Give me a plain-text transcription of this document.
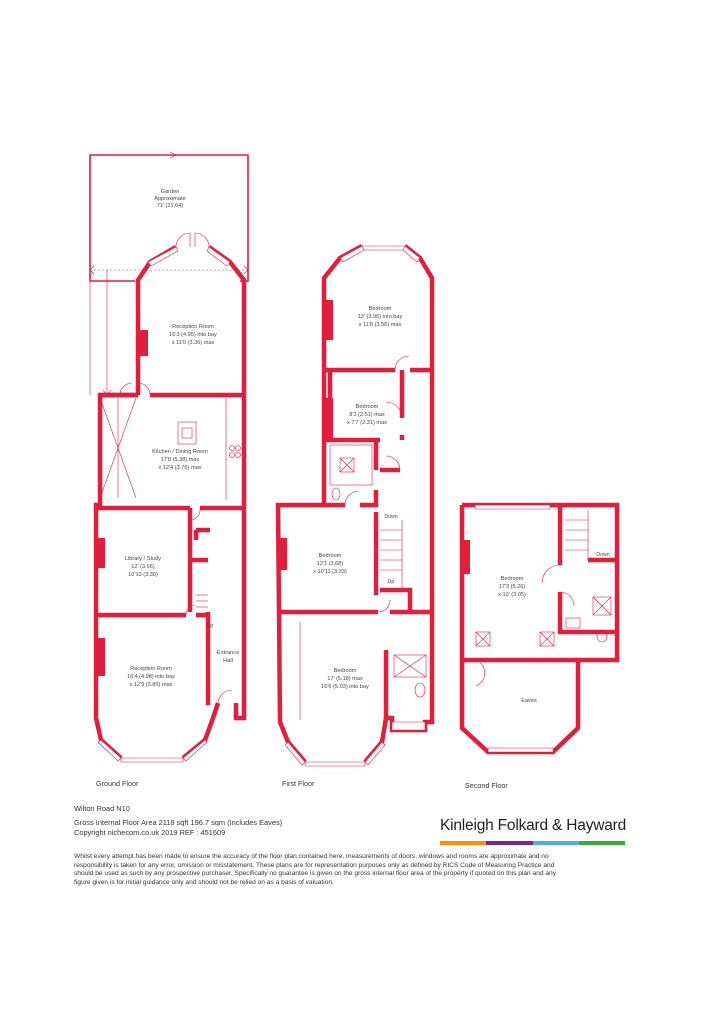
Garden
Approximate
71' (21.64)
Reception Room
16'3 (4.95) into bay
x 11'0 (3.36) max
Kitchen / Dining Room
17'8 (5.38) max
x 12'4 (3.76) max
Library / Study
12' (3.66)
10'10 (3.30)
Reception Room
16'4 (4.98) into bay
x 12'9 (3.89) max
Entrance
Hall
Up
Bedroom
13' (3.96) into bay
x 11'8 (3.56) max
Bedroom
8'3 (2.51) max
x 7'7 (2.31) max
Bedroom
12'1 (3.68)
x 10'11 (3.33)
Bedroom
17' (5.18) max
16'6 (5.03) into bay
Down
Up	Bedroom
17'3 (5.26)
x 10' (3.05)
Eaves
Down
Ground Floor	First Floor	Second Floor
Wilton Road N10
Gross Internal Floor Area 2118 sqft 196.7 sqm (Includes Eaves)
Copyright nichecom.co.uk 2019 REF : 451609
Whilst every attempt has been made to ensure the accuracy of the floor plan contained here, measurements of doors, windows and rooms are approximate and no responsibility is taken for any error, omission or misstatement. These plans are for representation purposes only as defined by RICS Code of Measuring Practice and should be used as such by any prospective purchaser. Specifically no guarantee is given on the gross internal floor area of the property if quoted on this plan and any figure given is for initial guidance only and should not be relied on as a basis of valuation.
Kinleigh Folkard & Hayward
